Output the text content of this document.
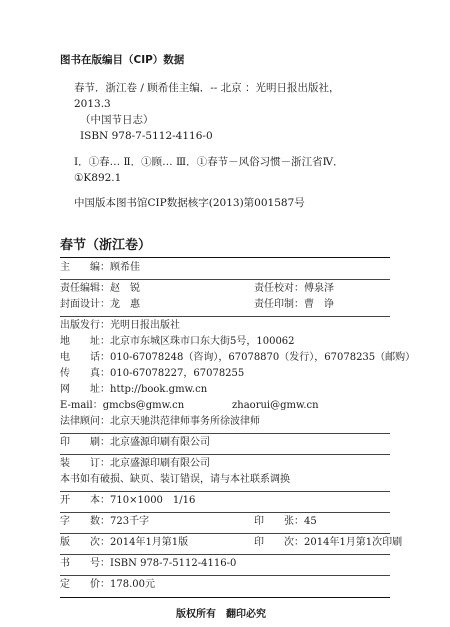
图书在版编目（CIP）数据
春节．浙江卷 / 顾希佳主编．-- 北京 ：光明日报出版社，
2013.3
（中国节日志）
ISBN 978-7-5112-4116-0
Ⅰ．①春… Ⅱ．①顾… Ⅲ．①春节－风俗习惯－浙江省Ⅳ．
①K892.1
中国版本图书馆CIP数据核字(2013)第001587号
春节（浙江卷）
主　　编：顾希佳
责任编辑：赵　锐	责任校对：傅泉泽
封面设计：龙　惠	责任印制：曹　诤
出版发行：光明日报出版社
地　　址：北京市东城区珠市口东大街5号，100062
电　　话：010-67078248（咨询），67078870（发行），67078235（邮购）
传　　真：010-67078227，67078255
网　　址：http://book.gmw.cn
E-mail：gmcbs@gmw.cn	zhaorui@gmw.cn
法律顾问：北京天驰洪范律师事务所徐波律师
印　　刷：北京盛源印刷有限公司
装　　订：北京盛源印刷有限公司
本书如有破损、缺页、装订错误，请与本社联系调换
开　　本：710×1000　1/16
字　　数：723千字	印　　张：45
版　　次：2014年1月第1版	印　　次：2014年1月第1次印刷
书　　号：ISBN 978-7-5112-4116-0
定　　价：178.00元
版权所有　翻印必究
